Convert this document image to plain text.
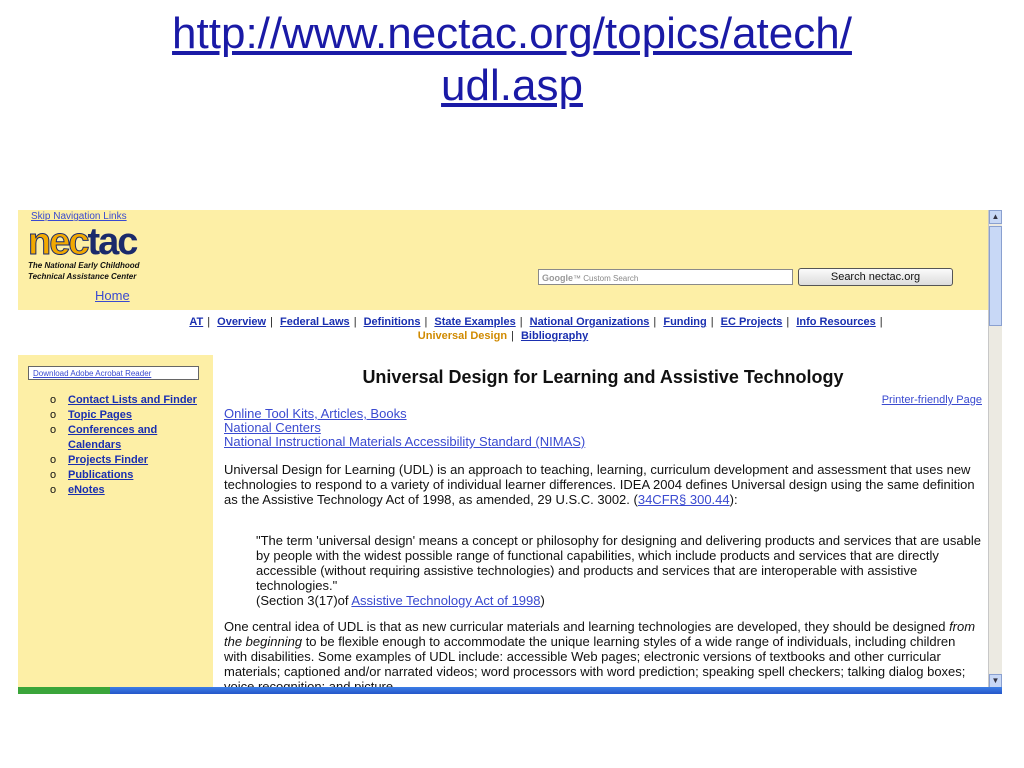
http://www.nectac.org/topics/atech/
udl.asp
Skip Navigation Links
nectac
The National Early Childhood
Technical Assistance Center
Home
Google™ Custom Search	Search nectac.org
AT | Overview | Federal Laws | Definitions | State Examples | National Organizations | Funding | EC Projects | Info Resources |
Universal Design | Bibliography
Download Adobe Acrobat Reader
o Contact Lists and Finder
o Topic Pages
o Conferences and Calendars
o Projects Finder
o Publications
o eNotes
Universal Design for Learning and Assistive Technology
Printer-friendly Page
Online Tool Kits, Articles, Books
National Centers
National Instructional Materials Accessibility Standard (NIMAS)
Universal Design for Learning (UDL) is an approach to teaching, learning, curriculum development and assessment that uses new technologies to respond to a variety of individual learner differences. IDEA 2004 defines Universal design using the same definition as the Assistive Technology Act of 1998, as amended, 29 U.S.C. 3002. (34CFR§ 300.44):
"The term 'universal design' means a concept or philosophy for designing and delivering products and services that are usable by people with the widest possible range of functional capabilities, which include products and services that are directly accessible (without requiring assistive technologies) and products and services that are interoperable with assistive technologies."
(Section 3(17)of Assistive Technology Act of 1998)
One central idea of UDL is that as new curricular materials and learning technologies are developed, they should be designed from the beginning to be flexible enough to accommodate the unique learning styles of a wide range of individuals, including children with disabilities. Some examples of UDL include: accessible Web pages; electronic versions of textbooks and other curricular materials; captioned and/or narrated videos; word processors with word prediction; speaking spell checkers; talking dialog boxes;
▲
▼
